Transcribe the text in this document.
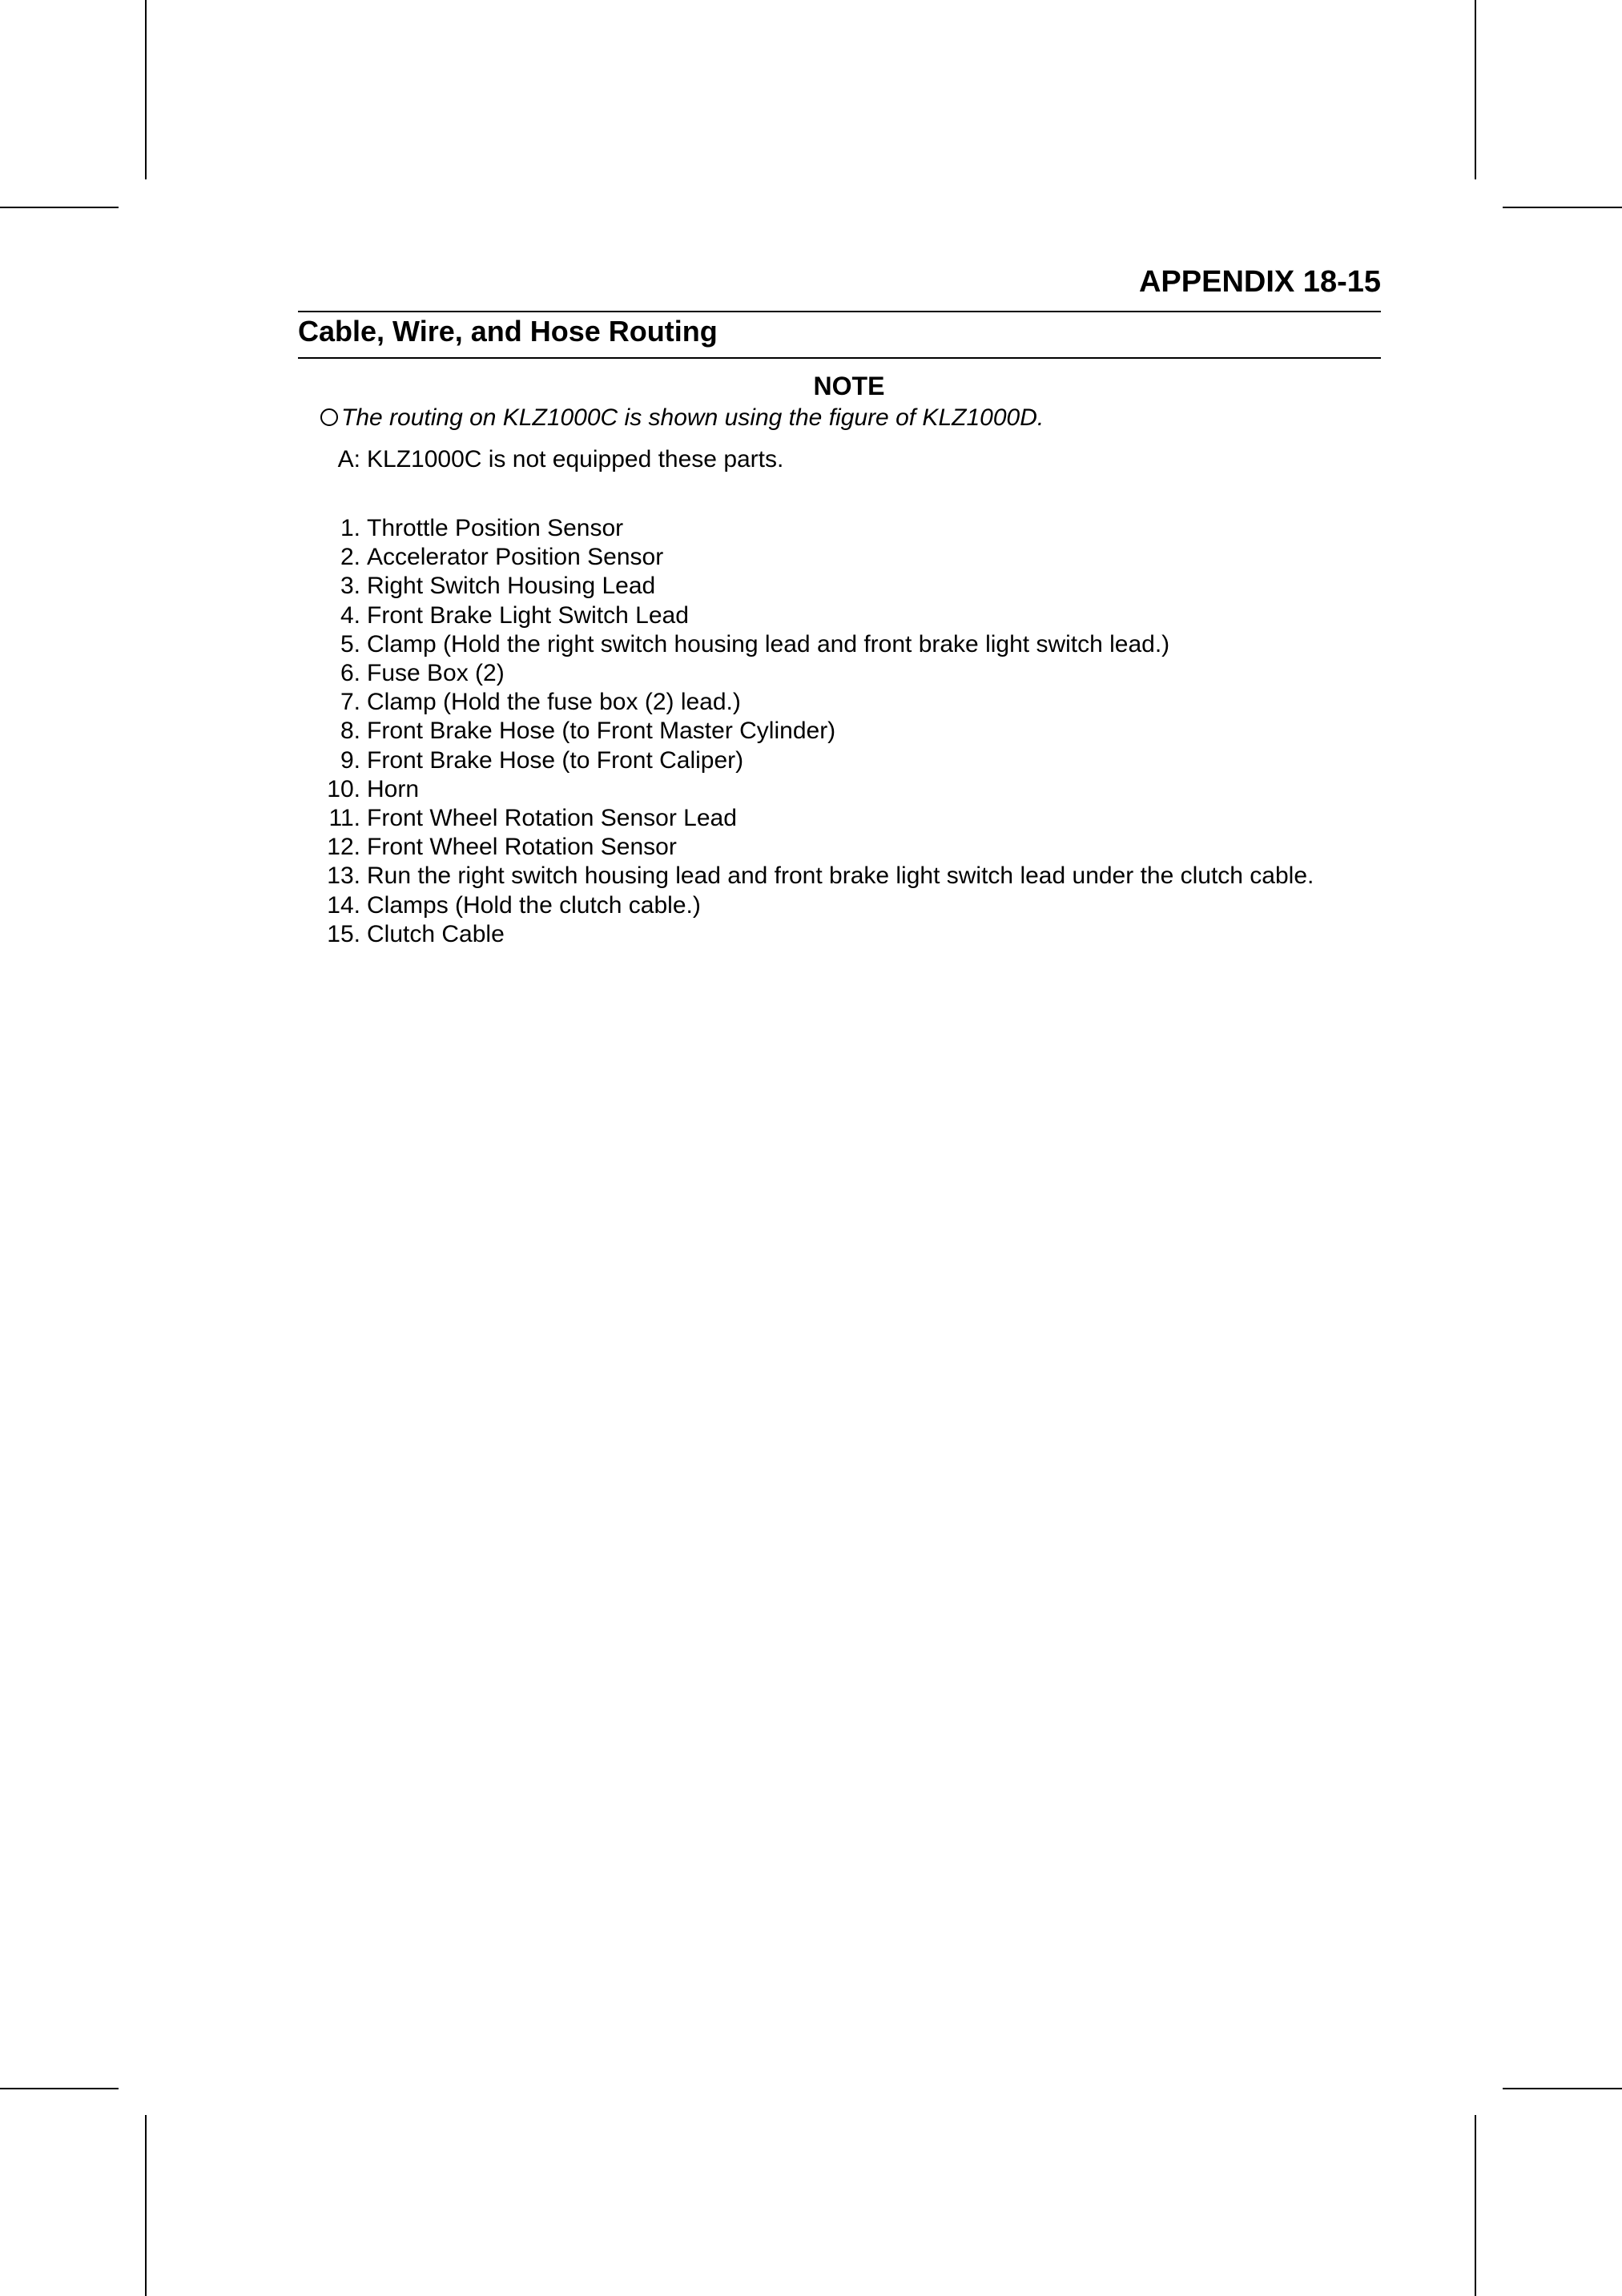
APPENDIX 18-15
Cable, Wire, and Hose Routing
NOTE
The routing on KLZ1000C is shown using the figure of KLZ1000D.
A: KLZ1000C is not equipped these parts.
1. Throttle Position Sensor
2. Accelerator Position Sensor
3. Right Switch Housing Lead
4. Front Brake Light Switch Lead
5. Clamp (Hold the right switch housing lead and front brake light switch lead.)
6. Fuse Box (2)
7. Clamp (Hold the fuse box (2) lead.)
8. Front Brake Hose (to Front Master Cylinder)
9. Front Brake Hose (to Front Caliper)
10. Horn
11. Front Wheel Rotation Sensor Lead
12. Front Wheel Rotation Sensor
13. Run the right switch housing lead and front brake light switch lead under the clutch cable.
14. Clamps (Hold the clutch cable.)
15. Clutch Cable
